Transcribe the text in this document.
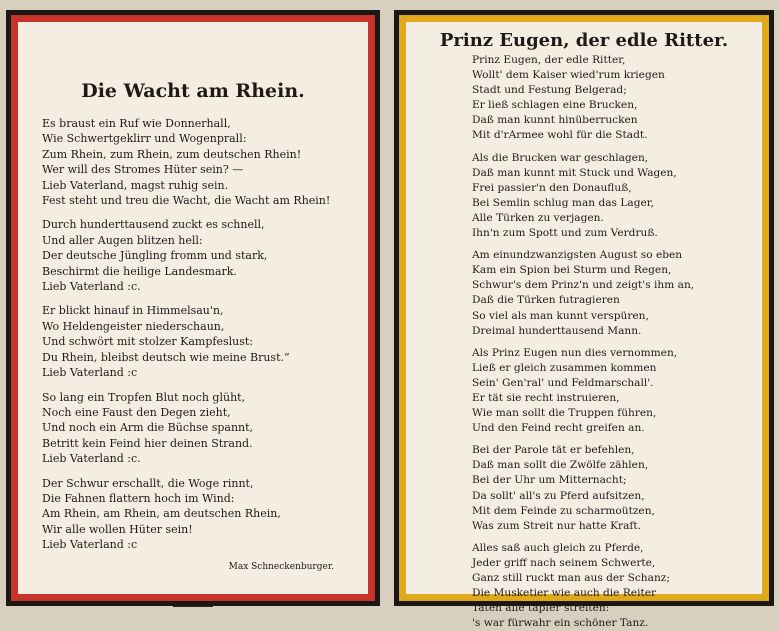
Die Wacht am Rhein.
Es braust ein Ruf wie Donnerhall,
Wie Schwertgeklirr und Wogenprall:
Zum Rhein, zum Rhein, zum deutschen Rhein!
Wer will des Stromes Hüter sein? —
Lieb Vaterland, magst ruhig sein.
Fest steht und treu die Wacht, die Wacht am Rhein!
Durch hunderttausend zuckt es schnell,
Und aller Augen blitzen hell:
Der deutsche Jüngling fromm und stark,
Beschirmt die heilige Landesmark.
Lieb Vaterland :c.
Er blickt hinauf in Himmelsau'n,
Wo Heldengeister niederschaun,
Und schwört mit stolzer Kampfeslust:
Du Rhein, bleibst deutsch wie meine Brust.“
Lieb Vaterland :c
So lang ein Tropfen Blut noch glüht,
Noch eine Faust den Degen zieht,
Und noch ein Arm die Büchse spannt,
Betritt kein Feind hier deinen Strand.
Lieb Vaterland :c.
Der Schwur erschallt, die Woge rinnt,
Die Fahnen flattern hoch im Wind:
Am Rhein, am Rhein, am deutschen Rhein,
Wir alle wollen Hüter sein!
Lieb Vaterland :c
Max Schneckenburger.
Prinz Eugen, der edle Ritter.
Prinz Eugen, der edle Ritter,
Wollt' dem Kaiser wied'rum kriegen
Stadt und Festung Belgerad;
Er ließ schlagen eine Brucken,
Daß man kunnt hinüberrucken
Mit d'rArmee wohl für die Stadt.
Als die Brucken war geschlagen,
Daß man kunnt mit Stuck und Wagen,
Frei passier'n den Donaufluß,
Bei Semlin schlug man das Lager,
Alle Türken zu verjagen.
Ihn'n zum Spott und zum Verdruß.
Am einundzwanzigsten August so eben
Kam ein Spion bei Sturm und Regen,
Schwur's dem Prinz'n und zeigt's ihm an,
Daß die Türken futragieren
So viel als man kunnt verspüren,
Dreimal hunderttausend Mann.
Als Prinz Eugen nun dies vernommen,
Ließ er gleich zusammen kommen
Sein' Gen'ral' und Feldmarschall'.
Er tät sie recht instruieren,
Wie man sollt die Truppen führen,
Und den Feind recht greifen an.
Bei der Parole tät er befehlen,
Daß man sollt die Zwölfe zählen,
Bei der Uhr um Mitternacht;
Da sollt' all's zu Pferd aufsitzen,
Mit dem Feinde zu scharmoützen,
Was zum Streit nur hatte Kraft.
Alles saß auch gleich zu Pferde,
Jeder griff nach seinem Schwerte,
Ganz still ruckt man aus der Schanz;
Die Musketier wie auch die Reiter
Taten alle tapfer streiten:
's war fürwahr ein schöner Tanz.
